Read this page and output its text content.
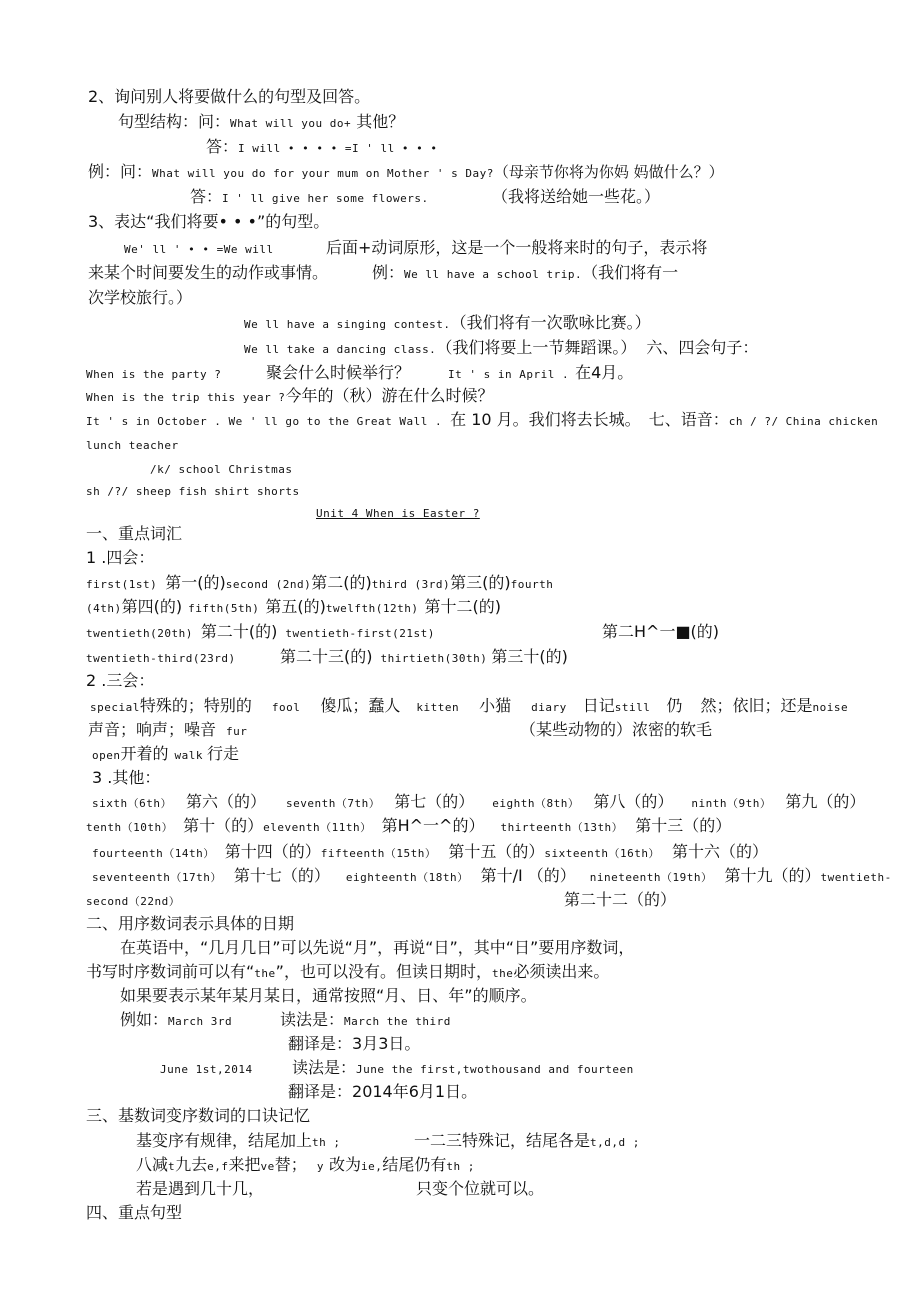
2、询问别人将要做什么的句型及回答。
句型结构：问：What will you do+ 其他？
答：I will • • • • =I ' ll • • •
例：问：What will you do for your mum on Mother ' s Day?（母亲节你将为你妈 妈做什么？）
答：I ' ll give her some flowers.	（我将送给她一些花。）
3、表达“我们将要• • •”的句型。
We' ll ' • • =We will	后面+动词原形，这是一个一般将来时的句子，表示将
来某个时间要发生的动作或事情。	例：We ll have a school trip.（我们将有一
次学校旅行。）
We ll have a singing contest.（我们将有一次歌咏比赛。）
We ll take a dancing class.（我们将要上一节舞蹈课。） 六、四会句子：
When is the party ?	聚会什么时候举行？	It ' s in April . 在4月。
When is the trip this year ?今年的（秋）游在什么时候？
It ' s in October . We ' ll go to the Great Wall . 在 10 月。我们将去长城。 七、语音：ch / ?/ China chicken
lunch teacher
/k/ school Christmas
sh /?/ sheep fish shirt shorts
Unit 4 When is Easter ?
一、重点词汇
1 .四会：
first(1st) 第一(的)second (2nd)第二(的)third (3rd)第三(的)fourth
(4th)第四(的) fifth(5th) 第五(的)twelfth(12th) 第十二(的)
twentieth(20th) 第二十(的) twentieth-first(21st)	第二H^一■(的)
twentieth-third(23rd)	第二十三(的) thirtieth(30th) 第三十(的)
2 .三会：
special特殊的；特别的 fool 傻瓜；蠢人 kitten 小猫 diary 日记still 仍 然；依旧；还是noise
声音；响声；噪音 fur	（某些动物的）浓密的软毛
open开着的 walk 行走
3 .其他：
sixth（6th） 第六（的） seventh（7th） 第七（的） eighth（8th） 第八（的） ninth（9th） 第九（的）
tenth（10th） 第十（的）eleventh（11th） 第H^一^的） thirteenth（13th） 第十三（的）
fourteenth（14th） 第十四（的）fifteenth（15th） 第十五（的）sixteenth（16th） 第十六（的）
seventeenth（17th） 第十七（的） eighteenth（18th） 第十/I （的） nineteenth（19th） 第十九（的）twentieth-
second（22nd）	第二十二（的）
二、用序数词表示具体的日期
在英语中，“几月几日”可以先说“月”，再说“日”，其中“日”要用序数词，
书写时序数词前可以有“the”，也可以没有。但读日期时，the必须读出来。
如果要表示某年某月某日，通常按照“月、日、年”的顺序。
例如：March 3rd	读法是：March the third
翻译是：3月3日。
June 1st,2014 读法是：June the first,twothousand and fourteen
翻译是：2014年6月1日。
三、基数词变序数词的口诀记忆
基变序有规律，结尾加上th ;	一二三特殊记，结尾各是t,d,d ;
八减t九去e,f来把ve替； y 改为ie,结尾仍有th ;
若是遇到几十几，	只变个位就可以。
四、重点句型
